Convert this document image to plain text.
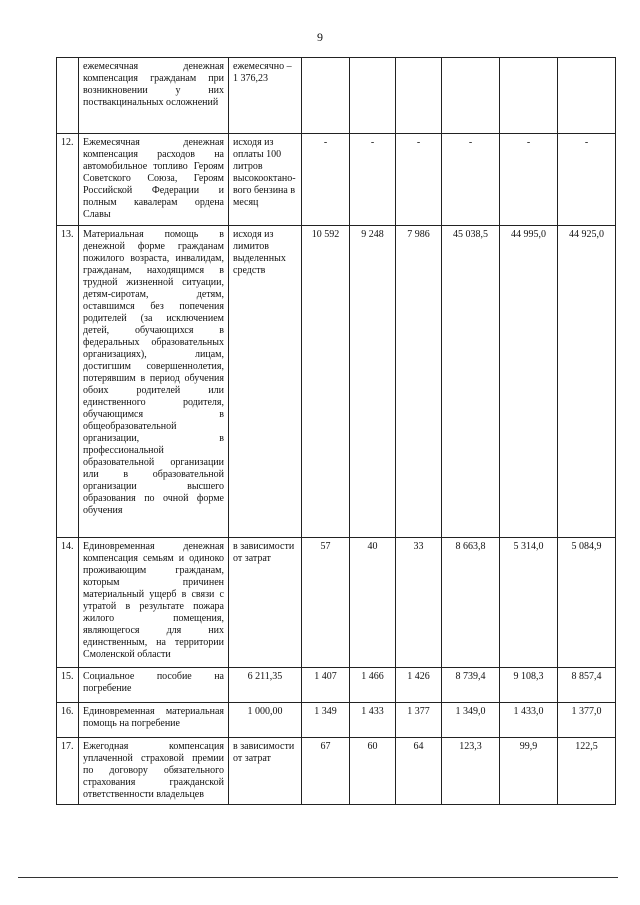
9
	ежемесячная денежная компенсация гражданам при возникновении у них поствакцинальных осложнений	ежемесячно – 1 376,23						
12.	Ежемесячная денежная компенсация расходов на автомобильное топливо Героям Советского Союза, Героям Российской Федерации и полным кавалерам ордена Славы	исходя из оплаты 100 литров высокооктано-вого бензина в месяц	-	-	-	-	-	-
13.	Материальная помощь в денежной форме гражданам пожилого возраста, инвалидам, гражданам, находящимся в трудной жизненной ситуации, детям-сиротам, детям, оставшимся без попечения родителей (за исключением детей, обучающихся в федеральных образовательных организациях), лицам, достигшим совершеннолетия, потерявшим в период обучения обоих родителей или единственного родителя, обучающимся в общеобразовательной организации, в профессиональной образовательной организации или в образовательной организации высшего образования по очной форме обучения	исходя из лимитов выделенных средств	10 592	9 248	7 986	45 038,5	44 995,0	44 925,0
14.	Единовременная денежная компенсация семьям и одиноко проживающим гражданам, которым причинен материальный ущерб в связи с утратой в результате пожара жилого помещения, являющегося для них единственным, на территории Смоленской области	в зависимости от затрат	57	40	33	8 663,8	5 314,0	5 084,9
15.	Социальное пособие на погребение	6 211,35	1 407	1 466	1 426	8 739,4	9 108,3	8 857,4
16.	Единовременная материальная помощь на погребение	1 000,00	1 349	1 433	1 377	1 349,0	1 433,0	1 377,0
17.	Ежегодная компенсация уплаченной страховой премии по договору обязательного страхования гражданской ответственности владельцев	в зависимости от затрат	67	60	64	123,3	99,9	122,5
